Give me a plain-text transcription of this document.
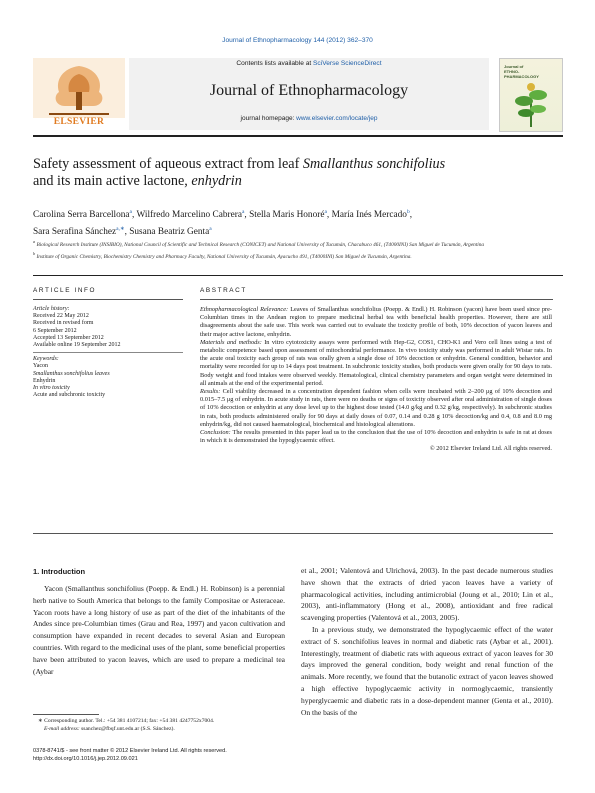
Journal of Ethnopharmacology 144 (2012) 362–370
ELSEVIER
Contents lists available at SciVerse ScienceDirect
Journal of Ethnopharmacology
journal homepage: www.elsevier.com/locate/jep
Journal of
ETHNO-
PHARMACOLOGY
Safety assessment of aqueous extract from leaf Smallanthus sonchifolius
and its main active lactone, enhydrin
Carolina Serra Barcellona$^a$, Wilfredo Marcelino Cabrera$^a$, Stella Maris Honoré$^a$, María Inés Mercado$^b$,
Sara Serafina Sánchez$^{a,∗}$, Susana Beatriz Genta$^a$
$^a$ Biological Research Institute (INSIBIO), National Council of Scientific and Technical Research (CONICET) and National University of Tucumán, Chacabuco 461, (T4000INI) San Miguel de Tucumán, Argentina
$^b$ Institute of Organic Chemistry, Biochemistry Chemistry and Pharmacy Faculty, National University of Tucumán, Ayacucho 491, (T4000INI) San Miguel de Tucumán, Argentina.
ARTICLE INFO	ABSTRACT
Article history:
Received 22 May 2012
Received in revised form
6 September 2012
Accepted 13 September 2012
Available online 19 September 2012
Keywords:
Yacon
Smallanthus sonchifolius leaves
Enhydrin
In vitro toxicity
Acute and subchronic toxicity
Ethnopharmacological Relevance: Leaves of Smallanthus sonchifolius (Poepp. & Endl.) H. Robinson (yacon) have been used since pre-Columbian times in the Andean region to prepare medicinal herbal tea with beneficial health properties. However, there are still disagreements about the safe use. This work was carried out to evaluate the toxicity profile of both, 10% decoction of yacon leaves and their major active lactone, enhydrin.
Materials and methods: In vitro cytotoxicity assays were performed with Hep-G2, COS1, CHO-K1 and Vero cell lines using a test of metabolic competence based upon assessment of mitochondrial performance. In vivo toxicity study was performed in adult Wistar rats. In the acute oral toxicity each group of rats was orally given a single dose of 10% decoction or enhydrin. General condition, behavior and mortality were recorded for up to 14 days post treatment. In subchronic toxicity studies, both products were given orally for 90 days to rats. Body weight and food intakes were observed weekly. Hematological, clinical chemistry parameters and organ weight were determined in all animals at the end of the experimental period.
Results: Cell viability decreased in a concentration dependent fashion when cells were incubated with 2–200 μg of 10% decoction and 0.015–7.5 μg of enhydrin. In acute study in rats, there were no deaths or signs of toxicity observed after oral administration of single doses of 10% decoction or enhydrin at any dose level up to the highest dose tested (14.0 g/kg and 0.32 g/kg, respectively). In subchronic studies in rats, both products administered orally for 90 days at daily doses of 0.07, 0.14 and 0.28 g 10% decoction/kg and 0.4, 0.8 and 8.0 mg enhydrin/kg, did not caused haematological, biochemical and histological alterations.
Conclusion: The results presented in this paper lead us to the conclusion that the use of 10% decoction and enhydrin is safe in rat at doses in which it is demonstrated the hypoglycaemic effect.
© 2012 Elsevier Ireland Ltd. All rights reserved.
1. Introduction

Yacon (Smallanthus sonchifolius (Poepp. & Endl.) H. Robinson) is a perennial herb native to South America that belongs to the family Compositae or Asteraceae. Yacon roots have a long history of use as part of the diet of the inhabitants of the Andes since pre-Columbian times (Grau and Rea, 1997) and yacon cultivation and consumption have expanded in recent decades to several Asian and European countries. With regard to the medicinal uses of the plant, some beneficial properties have been attributed to yacon leaves, which are used to prepare a medicinal tea (Aybar

et al., 2001; Valentová and Ulrichová, 2003). In the past decade numerous studies have shown that the extracts of dried yacon leaves have a variety of pharmacological activities, including antimicrobial (Joung et al., 2010; Lin et al., 2003), anti-inflammatory (Hong et al., 2008), antioxidant and free radical scavenging properties (Valentová et al., 2003, 2005).

In a previous study, we demonstrated the hypoglycaemic effect of the water extract of S. sonchifolius leaves in normal and diabetic rats (Aybar et al., 2001). Interestingly, treatment of diabetic rats with aqueous extract of yacon leaves for 30 days improved the general condition, body weight and renal function of the animals. More recently, we found that the butanolic extract of yacon leaves showed a high effective hypoglycaemic activity in normoglycaemic, transiently hyperglycaemic and diabetic rats in a dose-dependent manner (Genta et al., 2010). On the basis of the

∗ Corresponding author. Tel.: +54 381 4107214; fax: +54 381 4247752x7004.
E-mail address: ssanchez@fbqf.unt.edu.ar (S.S. Sánchez).
0378-8741/$ - see front matter © 2012 Elsevier Ireland Ltd. All rights reserved.
http://dx.doi.org/10.1016/j.jep.2012.09.021
